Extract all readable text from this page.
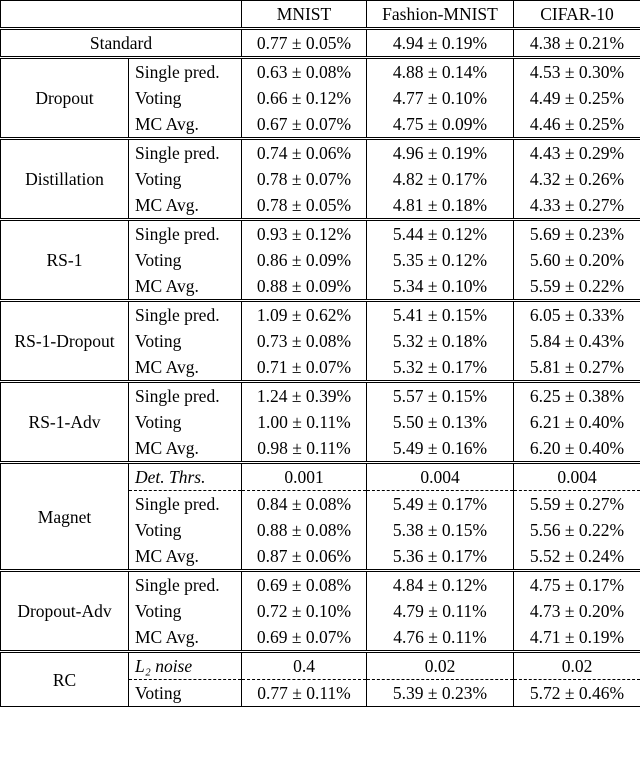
		MNIST	Fashion-MNIST	CIFAR-10
Standard		0.77 ± 0.05%	4.94 ± 0.19%	4.38 ± 0.21%
Dropout	Single pred.	0.63 ± 0.08%	4.88 ± 0.14%	4.53 ± 0.30%
	Voting	0.66 ± 0.12%	4.77 ± 0.10%	4.49 ± 0.25%
	MC Avg.	0.67 ± 0.07%	4.75 ± 0.09%	4.46 ± 0.25%
Distillation	Single pred.	0.74 ± 0.06%	4.96 ± 0.19%	4.43 ± 0.29%
	Voting	0.78 ± 0.07%	4.82 ± 0.17%	4.32 ± 0.26%
	MC Avg.	0.78 ± 0.05%	4.81 ± 0.18%	4.33 ± 0.27%
RS-1	Single pred.	0.93 ± 0.12%	5.44 ± 0.12%	5.69 ± 0.23%
	Voting	0.86 ± 0.09%	5.35 ± 0.12%	5.60 ± 0.20%
	MC Avg.	0.88 ± 0.09%	5.34 ± 0.10%	5.59 ± 0.22%
RS-1-Dropout	Single pred.	1.09 ± 0.62%	5.41 ± 0.15%	6.05 ± 0.33%
	Voting	0.73 ± 0.08%	5.32 ± 0.18%	5.84 ± 0.43%
	MC Avg.	0.71 ± 0.07%	5.32 ± 0.17%	5.81 ± 0.27%
RS-1-Adv	Single pred.	1.24 ± 0.39%	5.57 ± 0.15%	6.25 ± 0.38%
	Voting	1.00 ± 0.11%	5.50 ± 0.13%	6.21 ± 0.40%
	MC Avg.	0.98 ± 0.11%	5.49 ± 0.16%	6.20 ± 0.40%
Magnet	Det. Thrs.	0.001	0.004	0.004
	Single pred.	0.84 ± 0.08%	5.49 ± 0.17%	5.59 ± 0.27%
	Voting	0.88 ± 0.08%	5.38 ± 0.15%	5.56 ± 0.22%
	MC Avg.	0.87 ± 0.06%	5.36 ± 0.17%	5.52 ± 0.24%
Dropout-Adv	Single pred.	0.69 ± 0.08%	4.84 ± 0.12%	4.75 ± 0.17%
	Voting	0.72 ± 0.10%	4.79 ± 0.11%	4.73 ± 0.20%
	MC Avg.	0.69 ± 0.07%	4.76 ± 0.11%	4.71 ± 0.19%
RC	L₂ noise	0.4	0.02	0.02
	Voting	0.77 ± 0.11%	5.39 ± 0.23%	5.72 ± 0.46%
